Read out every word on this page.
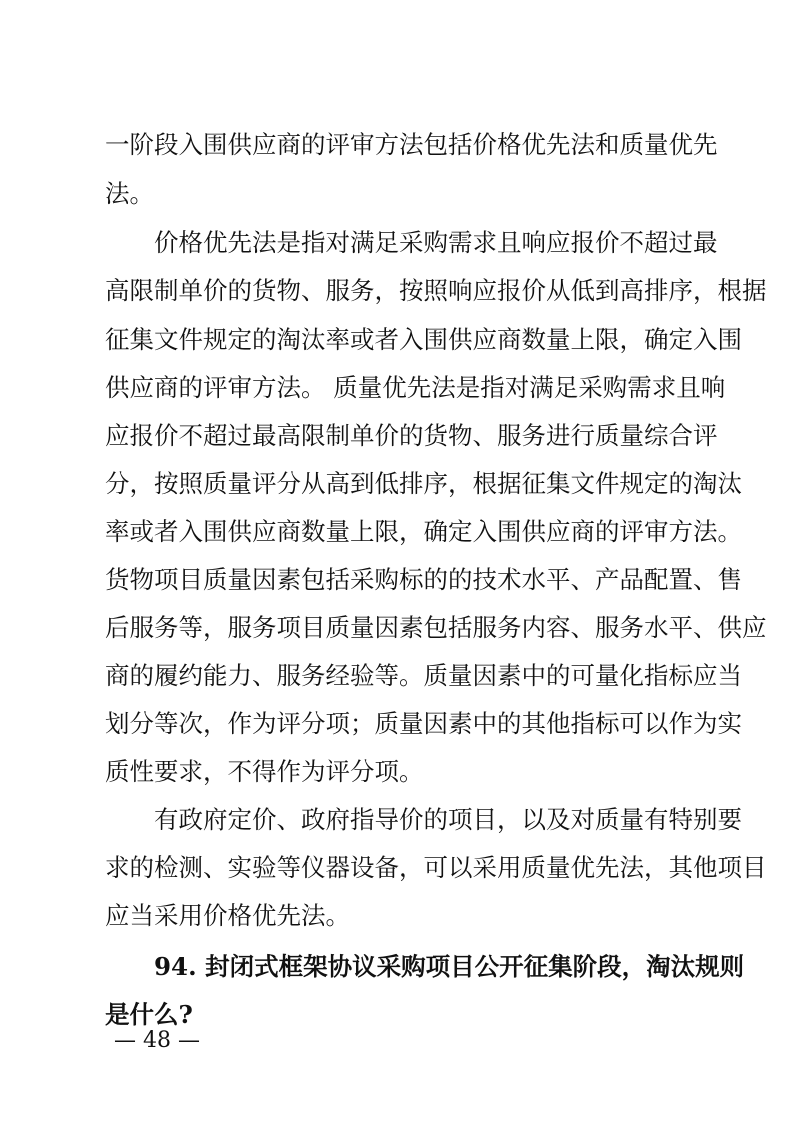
一阶段入围供应商的评审方法包括价格优先法和质量优先
法。
价格优先法是指对满足采购需求且响应报价不超过最
高限制单价的货物、服务，按照响应报价从低到高排序，根据
征集文件规定的淘汰率或者入围供应商数量上限，确定入围
供应商的评审方法。 质量优先法是指对满足采购需求且响
应报价不超过最高限制单价的货物、服务进行质量综合评
分，按照质量评分从高到低排序，根据征集文件规定的淘汰
率或者入围供应商数量上限，确定入围供应商的评审方法。
货物项目质量因素包括采购标的的技术水平、产品配置、售
后服务等，服务项目质量因素包括服务内容、服务水平、供应
商的履约能力、服务经验等。质量因素中的可量化指标应当
划分等次，作为评分项；质量因素中的其他指标可以作为实
质性要求，不得作为评分项。
有政府定价、政府指导价的项目，以及对质量有特别要
求的检测、实验等仪器设备，可以采用质量优先法，其他项目
应当采用价格优先法。
94. 封闭式框架协议采购项目公开征集阶段，淘汰规则
是什么?
— 48 —
